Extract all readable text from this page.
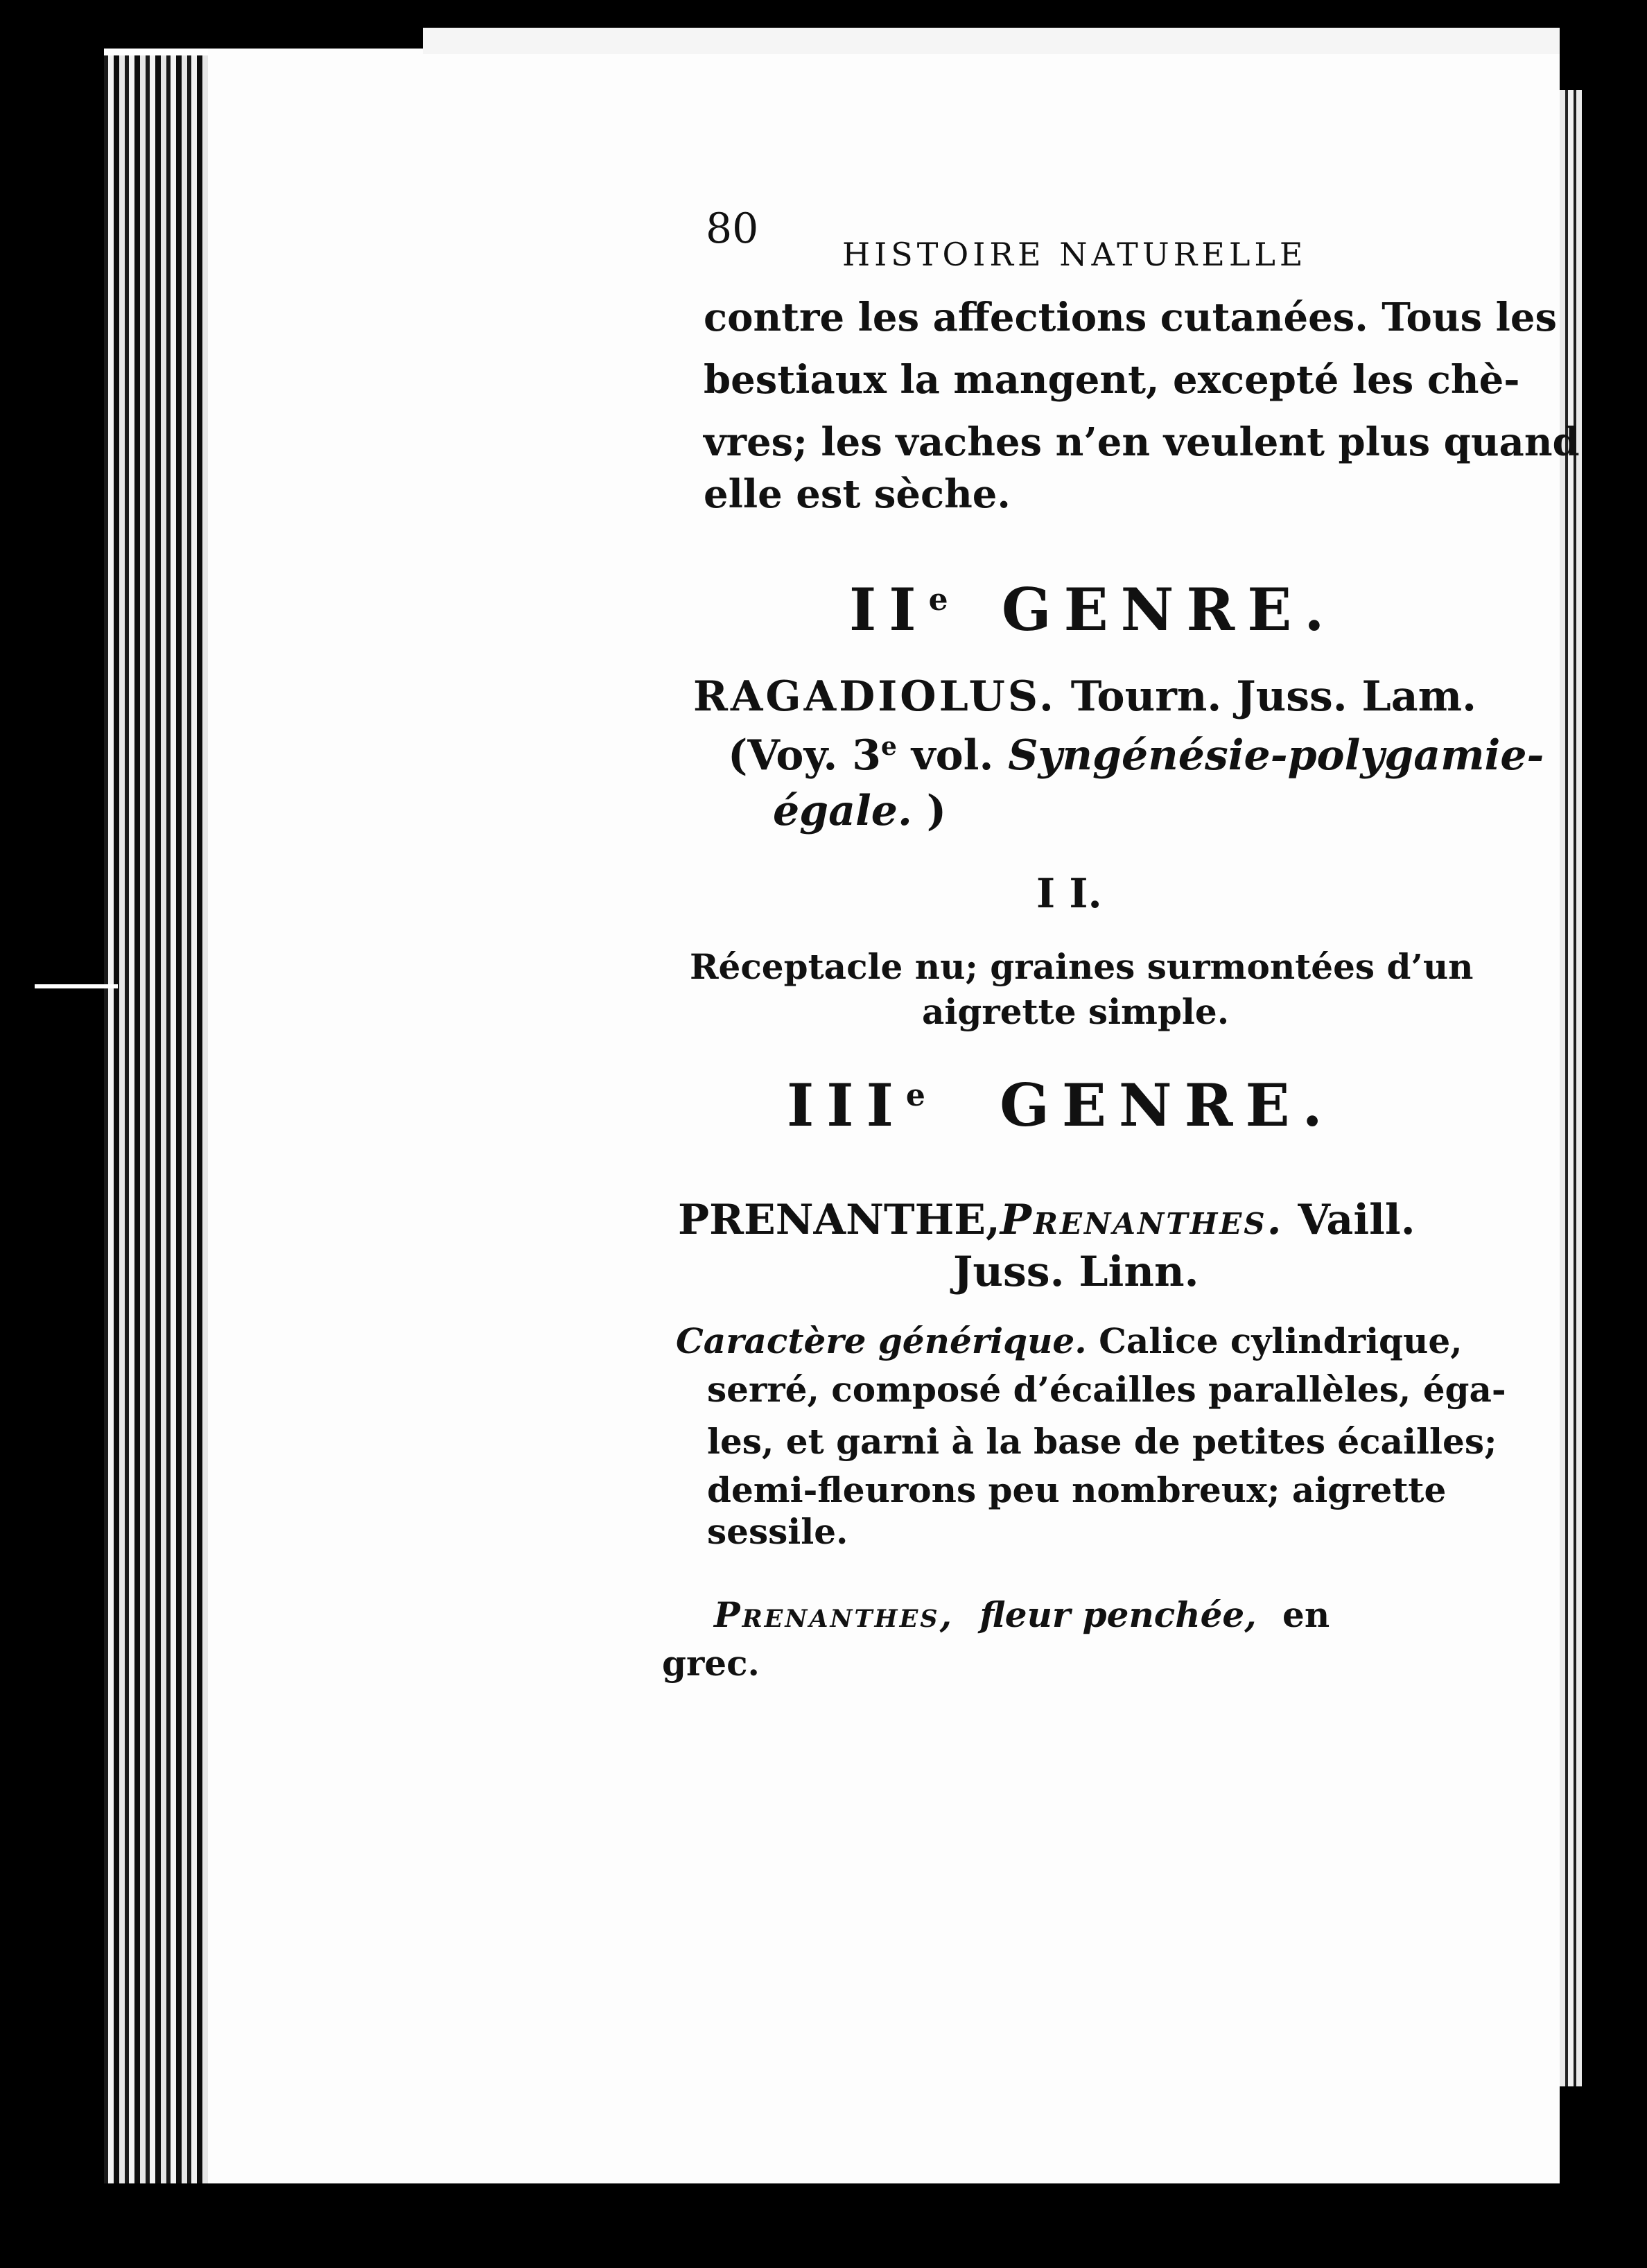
80
HISTOIRE NATURELLE
contre les affections cutanées. Tous les
bestiaux la mangent, excepté les chè-
vres; les vaches n’en veulent plus quand
elle est sèche.
IIe GENRE.
RAGADIOLUS. Tourn. Juss. Lam.
(Voy. 3e vol. Syngénésie-polygamie-
égale. )
I I.
Réceptacle nu; graines surmontées d’un
aigrette simple.
IIIe GENRE.
PRENANTHE,Prenanthes. Vaill.
Juss. Linn.
Caractère générique. Calice cylindrique,
serré, composé d’écailles parallèles, éga-
les, et garni à la base de petites écailles;
demi-fleurons peu nombreux; aigrette
sessile.
Prenanthes, fleur penchée, en
grec.
